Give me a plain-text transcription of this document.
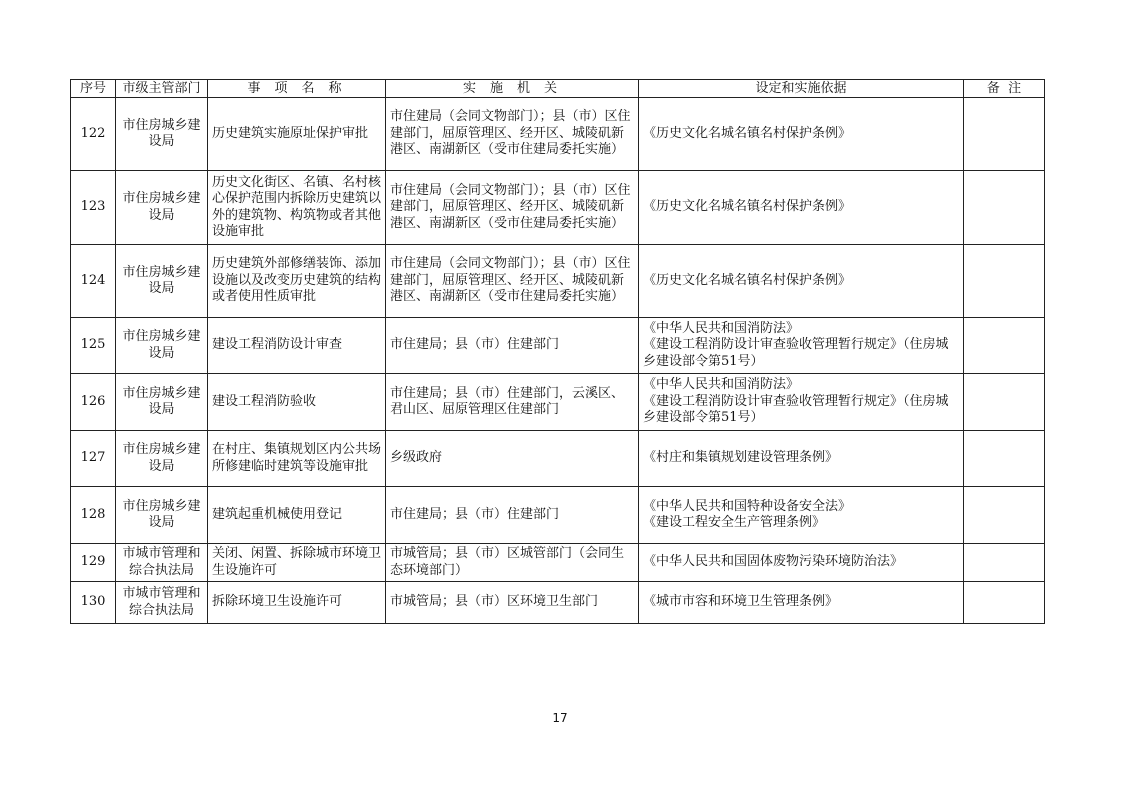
序号	市级主管部门	事项名称	实施机关	设定和实施依据	备  注
122	市住房城乡建设局	历史建筑实施原址保护审批	市住建局（会同文物部门）；县（市）区住建部门，屈原管理区、经开区、城陵矶新港区、南湖新区（受市住建局委托实施）	《历史文化名城名镇名村保护条例》	

123	市住房城乡建设局	历史文化街区、名镇、名村核心保护范围内拆除历史建筑以外的建筑物、构筑物或者其他设施审批	市住建局（会同文物部门）；县（市）区住建部门，屈原管理区、经开区、城陵矶新港区、南湖新区（受市住建局委托实施）	《历史文化名城名镇名村保护条例》	

124	市住房城乡建设局	历史建筑外部修缮装饰、添加设施以及改变历史建筑的结构或者使用性质审批	市住建局（会同文物部门）；县（市）区住建部门，屈原管理区、经开区、城陵矶新港区、南湖新区（受市住建局委托实施）	《历史文化名城名镇名村保护条例》	

125	市住房城乡建设局	建设工程消防设计审查	市住建局；县（市）住建部门	《中华人民共和国消防法》
《建设工程消防设计审查验收管理暂行规定》（住房城乡建设部令第51号）	

126	市住房城乡建设局	建设工程消防验收	市住建局；县（市）住建部门，云溪区、君山区、屈原管理区住建部门	《中华人民共和国消防法》
《建设工程消防设计审查验收管理暂行规定》（住房城乡建设部令第51号）	

127	市住房城乡建设局	在村庄、集镇规划区内公共场所修建临时建筑等设施审批	乡级政府	《村庄和集镇规划建设管理条例》	

128	市住房城乡建设局	建筑起重机械使用登记	市住建局；县（市）住建部门	《中华人民共和国特种设备安全法》
《建设工程安全生产管理条例》	

129	市城市管理和综合执法局	关闭、闲置、拆除城市环境卫生设施许可	市城管局；县（市）区城管部门（会同生态环境部门）	《中华人民共和国固体废物污染环境防治法》	

130	市城市管理和综合执法局	拆除环境卫生设施许可	市城管局；县（市）区环境卫生部门	《城市市容和环境卫生管理条例》	

17
